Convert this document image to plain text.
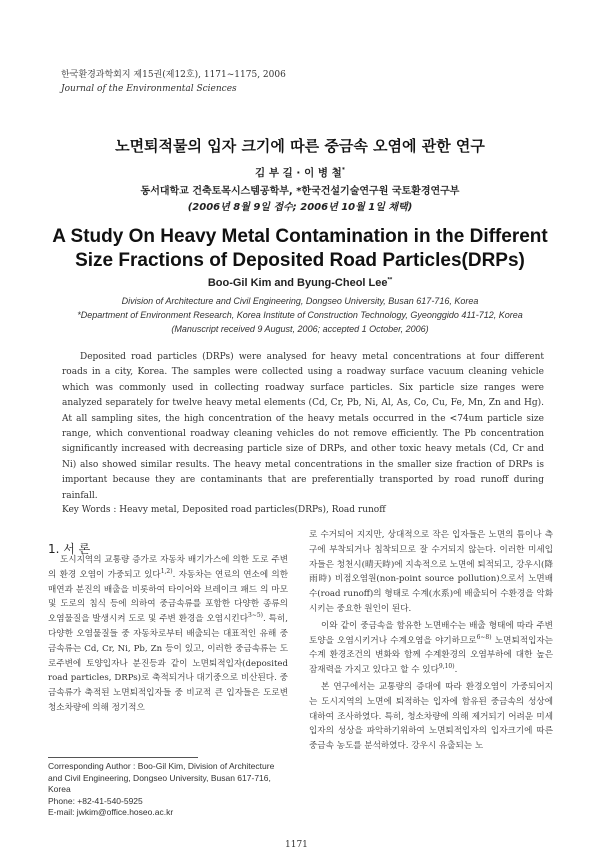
한국환경과학회지 제15권(제12호), 1171~1175, 2006
Journal of the Environmental Sciences
노면퇴적물의 입자 크기에 따른 중금속 오염에 관한 연구
김 부 길 · 이 병 철*
동서대학교 건축토목시스템공학부, *한국건설기술연구원 국토환경연구부
(2006년 8월 9일 접수; 2006년 10월 1일 채택)
A Study On Heavy Metal Contamination in the Different Size Fractions of Deposited Road Particles(DRPs)
Boo-Gil Kim and Byung-Cheol Lee**
Division of Architecture and Civil Engineering, Dongseo University, Busan 617-716, Korea
*Department of Environment Research, Korea Institute of Construction Technology, Gyeonggido 411-712, Korea
(Manuscript received 9 August, 2006; accepted 1 October, 2006)
Deposited road particles (DRPs) were analysed for heavy metal concentrations at four different roads in a city, Korea. The samples were collected using a roadway surface vacuum cleaning vehicle which was commonly used in collecting roadway surface particles. Six particle size ranges were analyzed separately for twelve heavy metal elements (Cd, Cr, Pb, Ni, Al, As, Co, Cu, Fe, Mn, Zn and Hg). At all sampling sites, the high concentration of the heavy metals occurred in the <74um particle size range, which conventional roadway cleaning vehicles do not remove efficiently. The Pb concentration significantly increased with decreasing particle size of DRPs, and other toxic heavy metals (Cd, Cr and Ni) also showed similar results. The heavy metal concentrations in the smaller size fraction of DRPs is important because they are contaminants that are preferentially transported by road runoff during rainfall.
Key Words : Heavy metal, Deposited road particles(DRPs), Road runoff
1. 서 론

도시지역의 교통량 증가로 자동차 배기가스에 의한 도로 주변의 환경 오염이 가중되고 있다$^{1,2)}$. 자동차는 연료의 연소에 의한 매연과 분진의 배출을 비롯하여 타이어와 브레이크 패드 의 마모 및 도로의 침식 등에 의하여 중금속류를 포함한 다양한 종류의 오염물질을 발생시켜 도로 및 주변 환경을 오염시킨다$^{3\sim 5)}$. 특히, 다양한 오염물질들 중 자동차로부터 배출되는 대표적인 유해 중금속류는 Cd, Cr, Ni, Pb, Zn 등이 있고, 이러한 중금속류는 도로주변에 토양입자나 분진등과 같이 노면퇴적입자(deposited road particles, DRPs)로 축적되거나 대기중으로 비산된다. 중금속류가 축적된 노면퇴적입자들 중 비교적 큰 입자들은 도로변 청소차량에 의해 정기적으

로 수거되어 지지만, 상대적으로 작은 입자들은 노면의 틈이나 측구에 부착되거나 침착되므로 잘 수거되지 않는다. 이러한 미세입자들은 청천시(晴天時)에 지속적으로 노면에 퇴적되고, 강우시(降雨時) 비점오염원(non-point source pollution)으로서 노면배수(road runoff)의 형태로 수계(水系)에 배출되어 수환경을 악화시키는 중요한 원인이 된다.

이와 같이 중금속을 함유한 노면배수는 배출 형태에 따라 주변 토양을 오염시키거나 수계오염을 야기하므로$^{6\sim 8)}$ 노면퇴적입자는 수계 환경조건의 변화와 함께 수계환경의 오염부하에 대한 높은 잠재력을 가지고 있다고 할 수 있다$^{9,10)}$.

본 연구에서는 교통량의 증대에 따라 환경오염이 가중되어지는 도시지역의 노면에 퇴적하는 입자에 함유된 중금속의 성상에 대하여 조사하였다. 특히, 청소차량에 의해 제거되기 어려운 미세입자의 성상을 파악하기위하여 노면퇴적입자의 입자크기에 따른 중금속 농도를 분석하였다. 강우시 유출되는 노

Corresponding Author : Boo-Gil Kim, Division of Architecture and Civil Engineering, Dongseo University, Busan 617-716, Korea
Phone: +82-41-540-5925
E-mail: jwkim@office.hoseo.ac.kr
1171
